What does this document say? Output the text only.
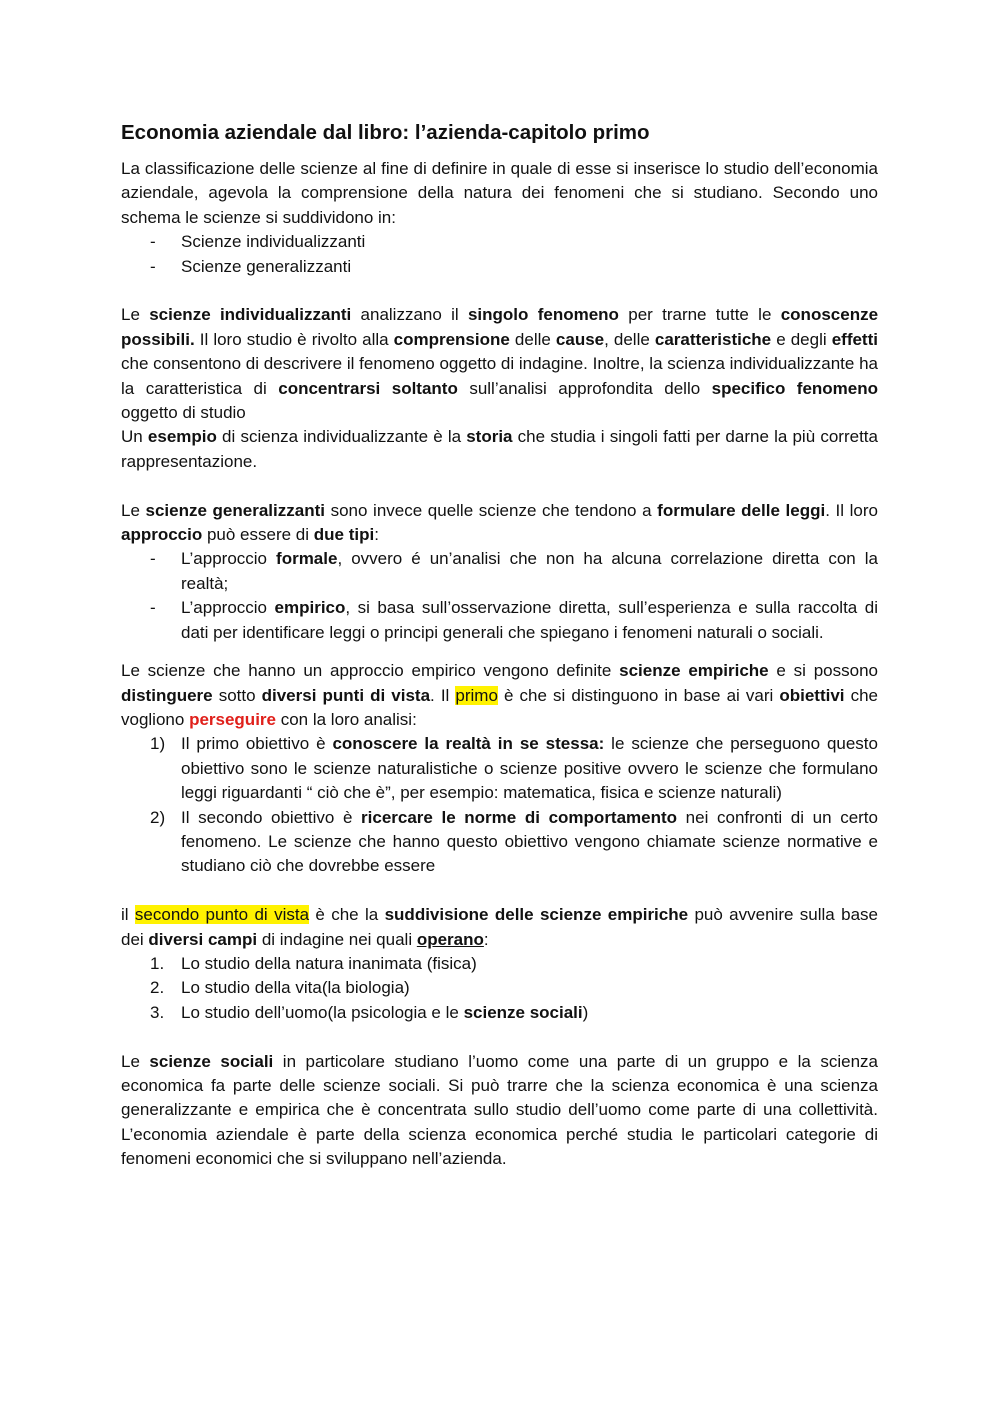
Economia aziendale dal libro: l’azienda-capitolo primo

La classificazione delle scienze al fine di definire in quale di esse si inserisce lo studio dell’economia aziendale, agevola la comprensione della natura dei fenomeni che si studiano. Secondo uno schema le scienze si suddividono in:

- Scienze individualizzanti
- Scienze generalizzanti

Le scienze individualizzanti analizzano il singolo fenomeno per trarne tutte le conoscenze possibili. Il loro studio è rivolto alla comprensione delle cause, delle caratteristiche e degli effetti che consentono di descrivere il fenomeno oggetto di indagine. Inoltre, la scienza individualizzante ha la caratteristica di concentrarsi soltanto sull’analisi approfondita dello specifico fenomeno oggetto di studio

Un esempio di scienza individualizzante è la storia che studia i singoli fatti per darne la più corretta rappresentazione.

Le scienze generalizzanti sono invece quelle scienze che tendono a formulare delle leggi. Il loro approccio può essere di due tipi:

- L’approccio formale, ovvero é un’analisi che non ha alcuna correlazione diretta con la realtà;
- L’approccio empirico, si basa sull’osservazione diretta, sull’esperienza e sulla raccolta di dati per identificare leggi o principi generali che spiegano i fenomeni naturali o sociali.

Le scienze che hanno un approccio empirico vengono definite scienze empiriche e si possono distinguere sotto diversi punti di vista. Il primo è che si distinguono in base ai vari obiettivi che vogliono perseguire con la loro analisi:

1) Il primo obiettivo è conoscere la realtà in se stessa: le scienze che perseguono questo obiettivo sono le scienze naturalistiche o scienze positive ovvero le scienze che formulano leggi riguardanti “ ciò che è”, per esempio: matematica, fisica e scienze naturali)
2) Il secondo obiettivo è ricercare le norme di comportamento nei confronti di un certo fenomeno. Le scienze che hanno questo obiettivo vengono chiamate scienze normative e studiano ciò che dovrebbe essere

il secondo punto di vista è che la suddivisione delle scienze empiriche può avvenire sulla base dei diversi campi di indagine nei quali operano:

1. Lo studio della natura inanimata (fisica)
2. Lo studio della vita(la biologia)
3. Lo studio dell’uomo(la psicologia e le scienze sociali)

Le scienze sociali in particolare studiano l’uomo come una parte di un gruppo e la scienza economica fa parte delle scienze sociali. Si può trarre che la scienza economica è una scienza generalizzante e empirica che è concentrata sullo studio dell’uomo come parte di una collettività. L’economia aziendale è parte della scienza economica perché studia le particolari categorie di fenomeni economici che si sviluppano nell’azienda.
